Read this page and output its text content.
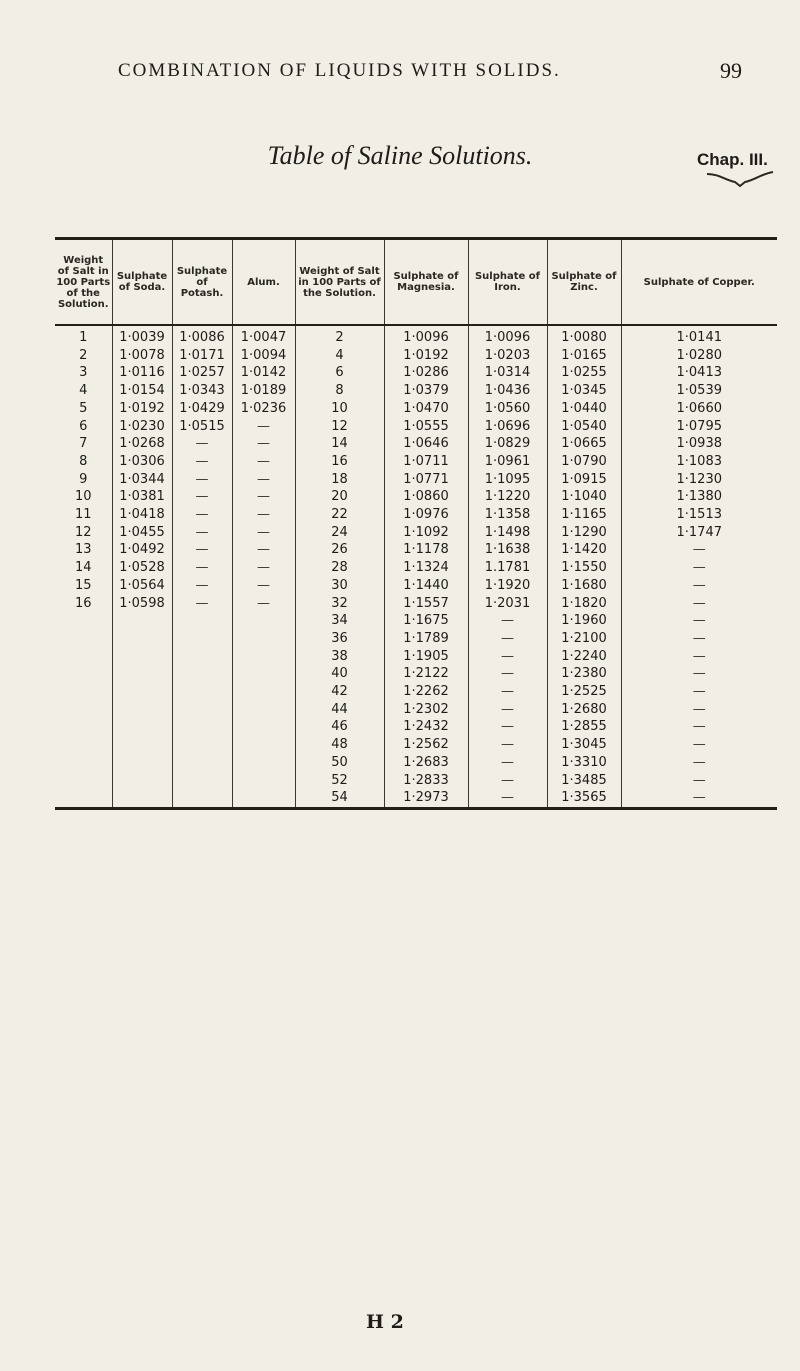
COMBINATION OF LIQUIDS WITH SOLIDS.	99
Table of Saline Solutions.	Chap. III.
Weight of Salt in 100 Parts of the Solution.	Sulphate of Soda.	Sulphate of Potash.	Alum.	Weight of Salt in 100 Parts of the Solution.	Sulphate of Magnesia.	Sulphate of Iron.	Sulphate of Zinc.	Sulphate of Copper.
1	1·0039	1·0086	1·0047	2	1·0096	1·0096	1·0080	1·0141
2	1·0078	1·0171	1·0094	4	1·0192	1·0203	1·0165	1·0280
3	1·0116	1·0257	1·0142	6	1·0286	1·0314	1·0255	1·0413
4	1·0154	1·0343	1·0189	8	1·0379	1·0436	1·0345	1·0539
5	1·0192	1·0429	1·0236	10	1·0470	1·0560	1·0440	1·0660
6	1·0230	1·0515	—	12	1·0555	1·0696	1·0540	1·0795
7	1·0268	—	—	14	1·0646	1·0829	1·0665	1·0938
8	1·0306	—	—	16	1·0711	1·0961	1·0790	1·1083
9	1·0344	—	—	18	1·0771	1·1095	1·0915	1·1230
10	1·0381	—	—	20	1·0860	1·1220	1·1040	1·1380
11	1·0418	—	—	22	1·0976	1·1358	1·1165	1·1513
12	1·0455	—	—	24	1·1092	1·1498	1·1290	1·1747
13	1·0492	—	—	26	1·1178	1·1638	1·1420	—
14	1·0528	—	—	28	1·1324	1.1781	1·1550	—
15	1·0564	—	—	30	1·1440	1·1920	1·1680	—
16	1·0598	—	—	32	1·1557	1·2031	1·1820	—
				34	1·1675	—	1·1960	—
				36	1·1789	—	1·2100	—
				38	1·1905	—	1·2240	—
				40	1·2122	—	1·2380	—
				42	1·2262	—	1·2525	—
				44	1·2302	—	1·2680	—
				46	1·2432	—	1·2855	—
				48	1·2562	—	1·3045	—
				50	1·2683	—	1·3310	—
				52	1·2833	—	1·3485	—
				54	1·2973	—	1·3565	—
H 2
